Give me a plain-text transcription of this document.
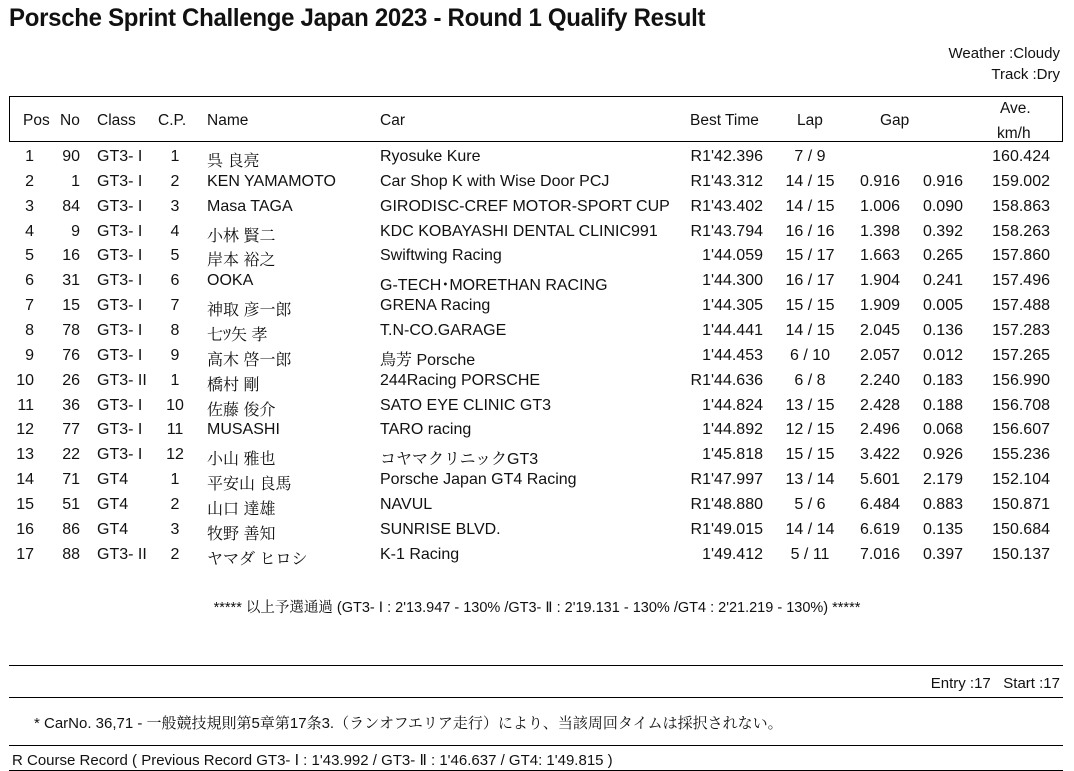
Porsche Sprint Challenge Japan 2023 - Round 1 Qualify Result
Weather :Cloudy
Track :Dry
Pos No Class C.P. Name	Car	Best Time Lap	Gap
Ave.
km/h
1 90 GT3- I	1	呉 良亮	Ryosuke Kure	R1'42.396	7 / 9	160.424
2 1 GT3- I	2	KEN YAMAMOTO	Car Shop K with Wise Door PCJ	R1'43.312	14 / 15	0.916 0.916 159.002
3 84 GT3- I	3	Masa TAGA	GIRODISC-CREF MOTOR-SPORT CUP R1'43.402	14 / 15	1.006 0.090 158.863
4 9 GT3- I	4	小林 賢二	KDC KOBAYASHI DENTAL CLINIC991 R1'43.794	16 / 16	1.398 0.392 158.263
5 16 GT3- I	5	岸本 裕之	Swiftwing Racing	1'44.059	15 / 17	1.663 0.265 157.860
6 31 GT3- I	6	OOKA	G-TECH･MORETHAN RACING	1'44.300	16 / 17	1.904 0.241 157.496
7 15 GT3- I	7	神取 彦一郎	GRENA Racing	1'44.305	15 / 15	1.909 0.005 157.488
8 78 GT3- I	8	七ﾂ矢 孝	T.N-CO.GARAGE	1'44.441	14 / 15	2.045 0.136 157.283
9 76 GT3- I	9	高木 啓一郎	鳥芳 Porsche	1'44.453	6 / 10	2.057 0.012 157.265
10 26 GT3- II	1	橋村 剛	244Racing PORSCHE	R1'44.636	6 / 8	2.240 0.183 156.990
11 36 GT3- I	10	佐藤 俊介	SATO EYE CLINIC GT3	1'44.824	13 / 15	2.428 0.188 156.708
12 77 GT3- I	11	MUSASHI	TARO racing	1'44.892	12 / 15	2.496 0.068 156.607
13 22 GT3- I	12	小山 雅也	コヤマクリニックGT3	1'45.818	15 / 15	3.422 0.926 155.236
14 71 GT4	1	平安山 良馬	Porsche Japan GT4 Racing	R1'47.997	13 / 14	5.601 2.179 152.104
15 51 GT4	2	山口 達雄	NAVUL	R1'48.880	5 / 6	6.484 0.883 150.871
16 86 GT4	3	牧野 善知	SUNRISE BLVD.	R1'49.015	14 / 14	6.619 0.135 150.684
17 88 GT3- II	2	ヤマダ ヒロシ	K-1 Racing	1'49.412	5 / 11	7.016 0.397 150.137
***** 以上予選通過 (GT3- Ⅰ : 2'13.947 - 130% /GT3- Ⅱ : 2'19.131 - 130% /GT4 : 2'21.219 - 130%) *****
Entry :17 Start :17
* CarNo. 36,71 - 一般競技規則第5章第17条3.（ランオフエリア走行）により、当該周回タイムは採択されない。
R Course Record ( Previous Record GT3- Ⅰ : 1'43.992 / GT3- Ⅱ : 1'46.637 / GT4: 1'49.815 )
